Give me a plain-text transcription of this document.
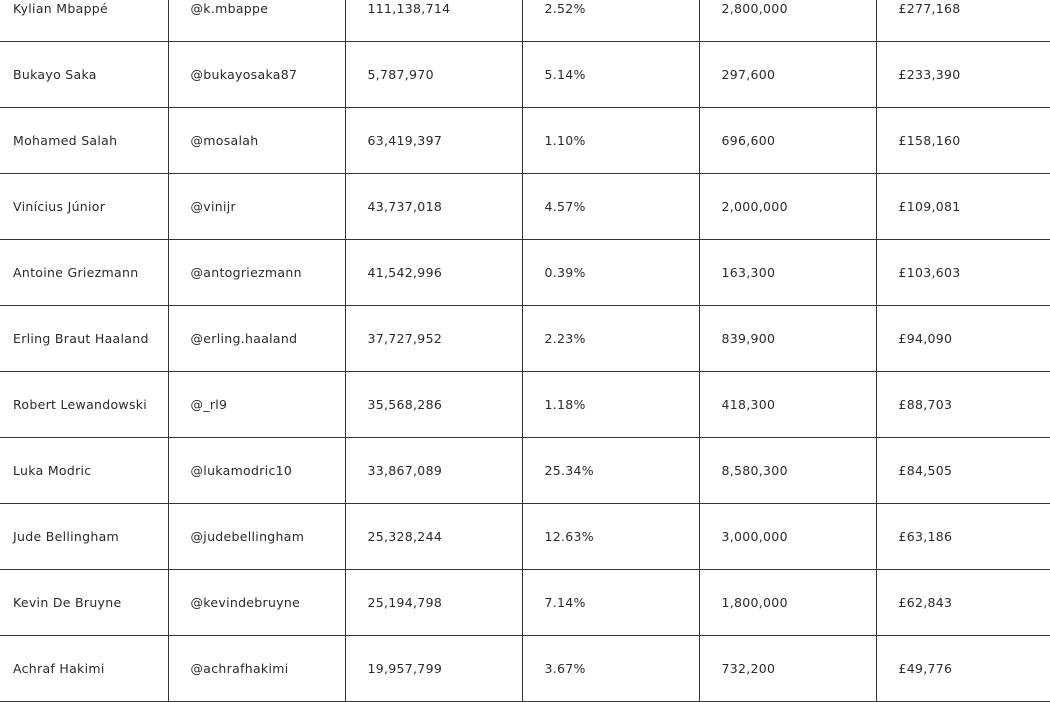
Kylian Mbappé	@k.mbappe	111,138,714	2.52%	2,800,000	£277,168
Bukayo Saka	@bukayosaka87	5,787,970	5.14%	297,600	£233,390
Mohamed Salah	@mosalah	63,419,397	1.10%	696,600	£158,160
Vinícius Júnior	@vinijr	43,737,018	4.57%	2,000,000	£109,081
Antoine Griezmann	@antogriezmann	41,542,996	0.39%	163,300	£103,603
Erling Braut Haaland	@erling.haaland	37,727,952	2.23%	839,900	£94,090
Robert Lewandowski	@_rl9	35,568,286	1.18%	418,300	£88,703
Luka Modric	@lukamodric10	33,867,089	25.34%	8,580,300	£84,505
Jude Bellingham	@judebellingham	25,328,244	12.63%	3,000,000	£63,186
Kevin De Bruyne	@kevindebruyne	25,194,798	7.14%	1,800,000	£62,843
Achraf Hakimi	@achrafhakimi	19,957,799	3.67%	732,200	£49,776
